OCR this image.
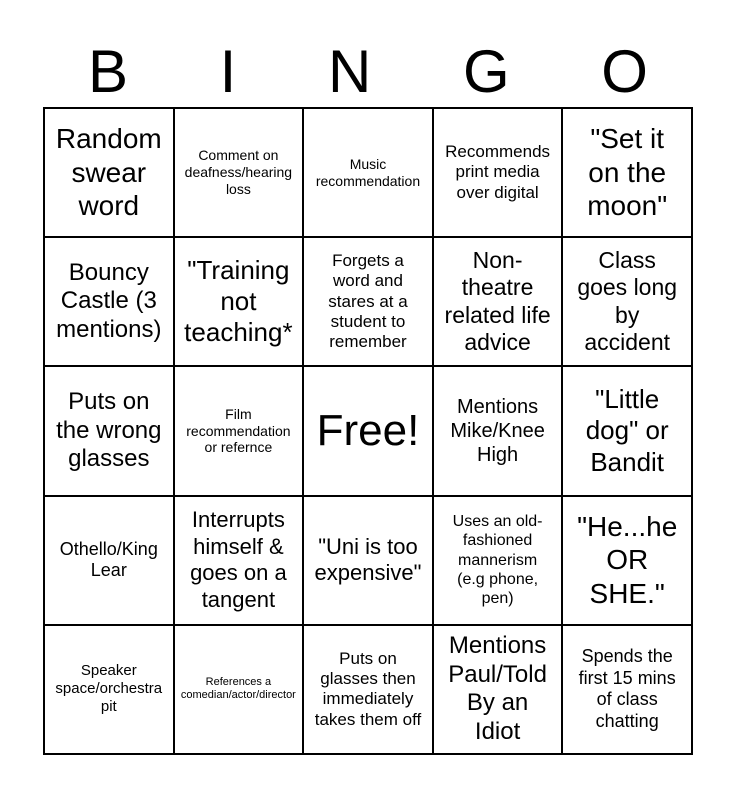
B I N G O
Random swear word
Comment on deafness/hearing loss
Music recommendation
Recommends print media over digital
"Set it on the moon"
Bouncy Castle (3 mentions)
"Training not teaching*
Forgets a word and stares at a student to remember
Non-theatre related life advice
Class goes long by accident
Puts on the wrong glasses
Film recommendation or refernce	Free!	Mentions Mike/Knee High
"Little dog" or Bandit
Othello/King Lear
Interrupts himself & goes on a tangent
"Uni is too expensive"
Uses an old-fashioned mannerism (e.g phone, pen)
"He...he OR SHE."
Speaker space/orchestra pit
References a comedian/actor/director
Puts on glasses then immediately takes them off
Mentions Paul/Told By an Idiot
Spends the first 15 mins of class chatting
